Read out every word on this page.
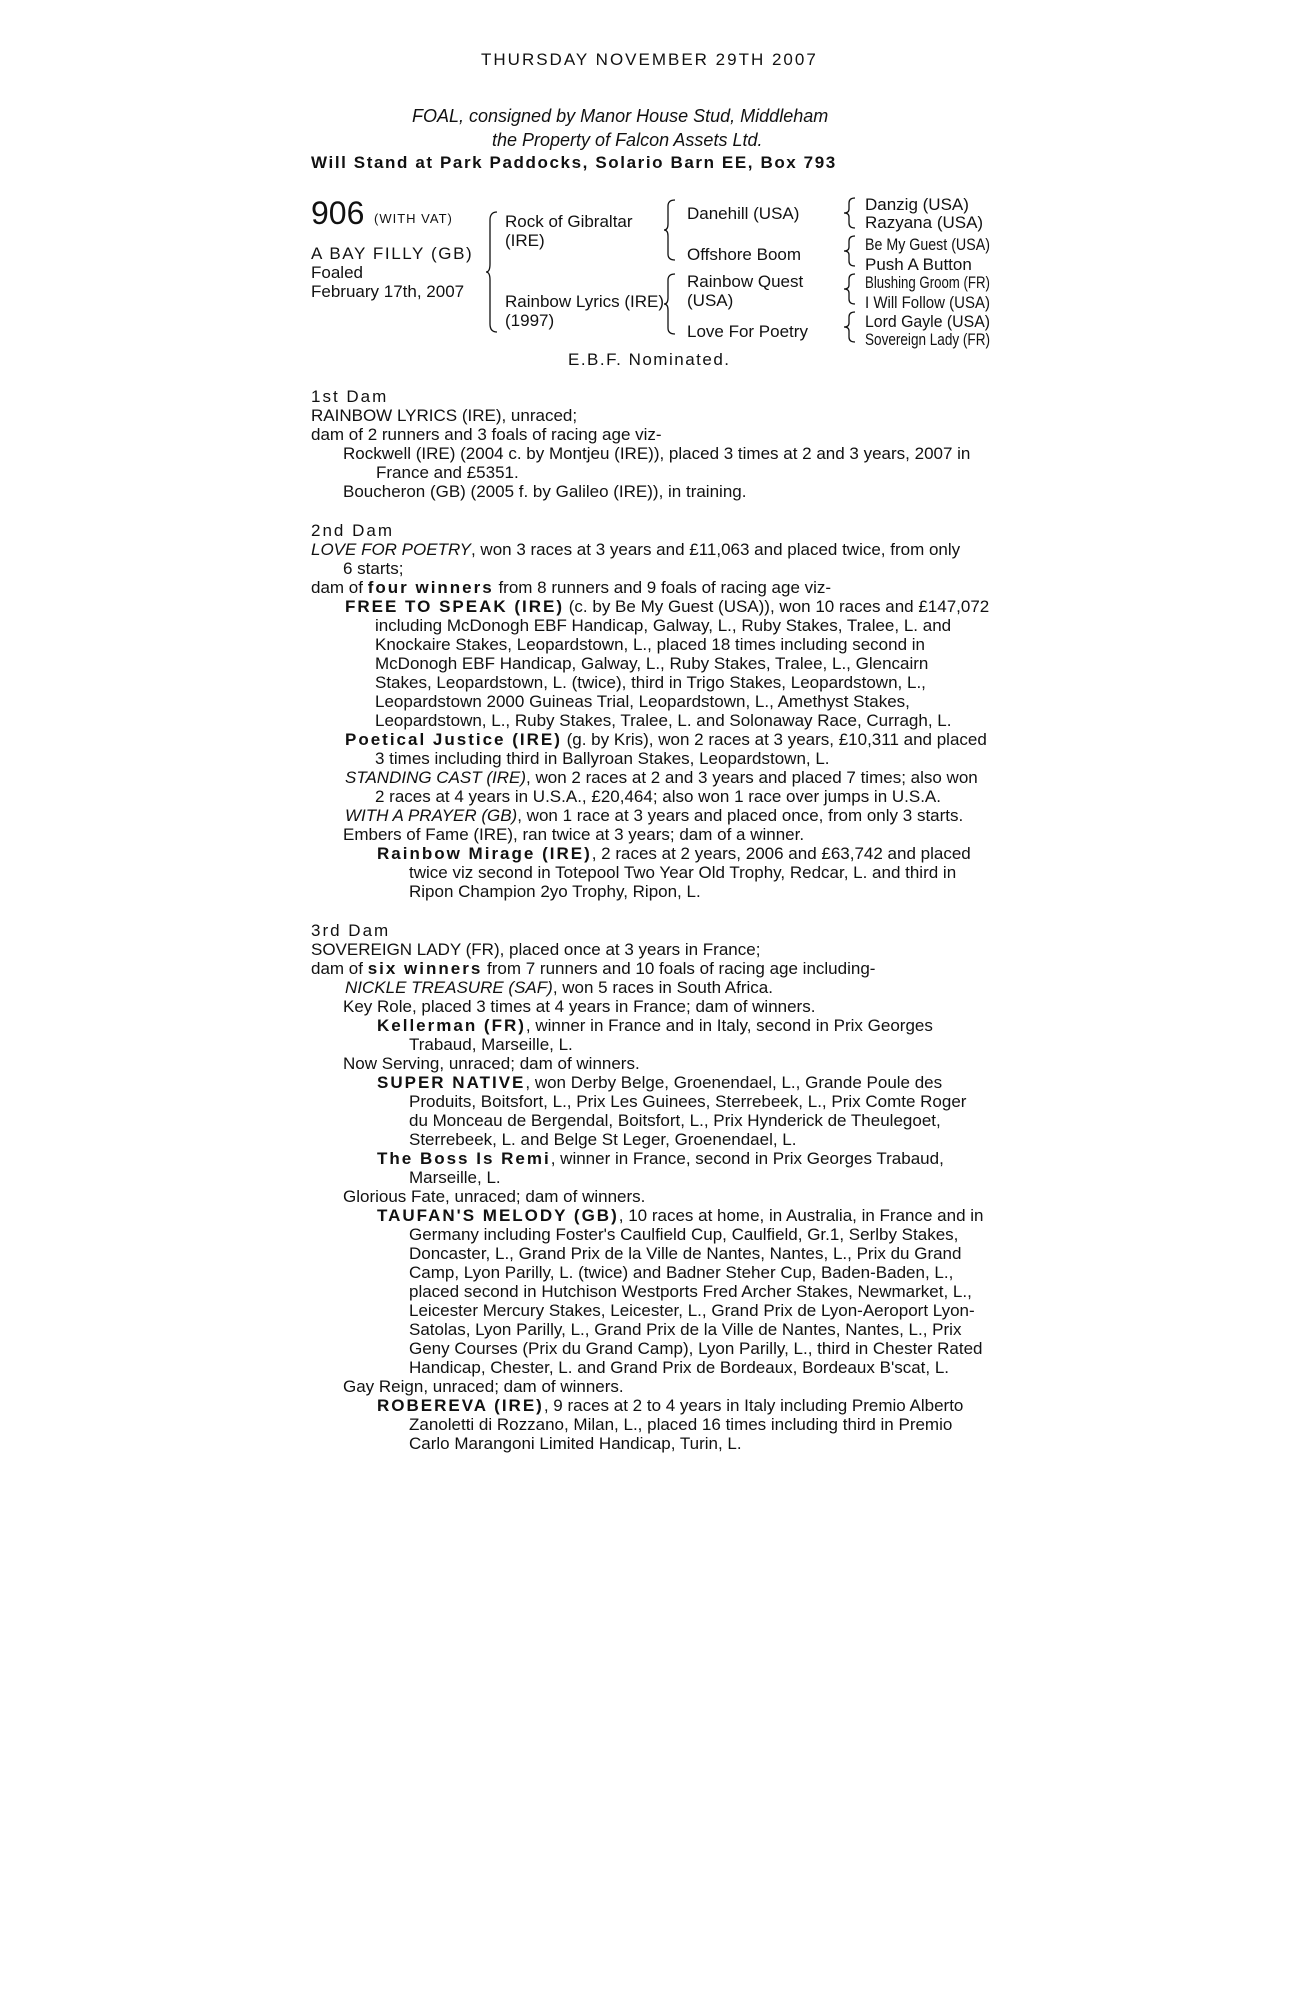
THURSDAY NOVEMBER 29TH 2007
FOAL, consigned by Manor House Stud, Middleham
the Property of Falcon Assets Ltd.
Will Stand at Park Paddocks, Solario Barn EE, Box 793
906 (WITH VAT)
A BAY FILLY (GB)
Foaled
February 17th, 2007
Rock of Gibraltar
(IRE)
Rainbow Lyrics (IRE)
(1997)
Danehill (USA)
Offshore Boom
Rainbow Quest
(USA)
Love For Poetry
Danzig (USA)
Razyana (USA)
Be My Guest (USA)
Push A Button
Blushing Groom (FR)
I Will Follow (USA)
Lord Gayle (USA)
Sovereign Lady (FR)
E.B.F. Nominated.
1st Dam
RAINBOW LYRICS (IRE), unraced;
dam of 2 runners and 3 foals of racing age viz-
Rockwell (IRE) (2004 c. by Montjeu (IRE)), placed 3 times at 2 and 3 years, 2007 in
France and £5351.
Boucheron (GB) (2005 f. by Galileo (IRE)), in training.
2nd Dam
LOVE FOR POETRY, won 3 races at 3 years and £11,063 and placed twice, from only
6 starts;
dam of four winners from 8 runners and 9 foals of racing age viz-
FREE TO SPEAK (IRE) (c. by Be My Guest (USA)), won 10 races and £147,072
including McDonogh EBF Handicap, Galway, L., Ruby Stakes, Tralee, L. and
Knockaire Stakes, Leopardstown, L., placed 18 times including second in
McDonogh EBF Handicap, Galway, L., Ruby Stakes, Tralee, L., Glencairn
Stakes, Leopardstown, L. (twice), third in Trigo Stakes, Leopardstown, L.,
Leopardstown 2000 Guineas Trial, Leopardstown, L., Amethyst Stakes,
Leopardstown, L., Ruby Stakes, Tralee, L. and Solonaway Race, Curragh, L.
Poetical Justice (IRE) (g. by Kris), won 2 races at 3 years, £10,311 and placed
3 times including third in Ballyroan Stakes, Leopardstown, L.
STANDING CAST (IRE), won 2 races at 2 and 3 years and placed 7 times; also won
2 races at 4 years in U.S.A., £20,464; also won 1 race over jumps in U.S.A.
WITH A PRAYER (GB), won 1 race at 3 years and placed once, from only 3 starts.
Embers of Fame (IRE), ran twice at 3 years; dam of a winner.
Rainbow Mirage (IRE), 2 races at 2 years, 2006 and £63,742 and placed
twice viz second in Totepool Two Year Old Trophy, Redcar, L. and third in
Ripon Champion 2yo Trophy, Ripon, L.
3rd Dam
SOVEREIGN LADY (FR), placed once at 3 years in France;
dam of six winners from 7 runners and 10 foals of racing age including-
NICKLE TREASURE (SAF), won 5 races in South Africa.
Key Role, placed 3 times at 4 years in France; dam of winners.
Kellerman (FR), winner in France and in Italy, second in Prix Georges
Trabaud, Marseille, L.
Now Serving, unraced; dam of winners.
SUPER NATIVE, won Derby Belge, Groenendael, L., Grande Poule des
Produits, Boitsfort, L., Prix Les Guinees, Sterrebeek, L., Prix Comte Roger
du Monceau de Bergendal, Boitsfort, L., Prix Hynderick de Theulegoet,
Sterrebeek, L. and Belge St Leger, Groenendael, L.
The Boss Is Remi, winner in France, second in Prix Georges Trabaud,
Marseille, L.
Glorious Fate, unraced; dam of winners.
TAUFAN'S MELODY (GB), 10 races at home, in Australia, in France and in
Germany including Foster's Caulfield Cup, Caulfield, Gr.1, Serlby Stakes,
Doncaster, L., Grand Prix de la Ville de Nantes, Nantes, L., Prix du Grand
Camp, Lyon Parilly, L. (twice) and Badner Steher Cup, Baden-Baden, L.,
placed second in Hutchison Westports Fred Archer Stakes, Newmarket, L.,
Leicester Mercury Stakes, Leicester, L., Grand Prix de Lyon-Aeroport Lyon-
Satolas, Lyon Parilly, L., Grand Prix de la Ville de Nantes, Nantes, L., Prix
Geny Courses (Prix du Grand Camp), Lyon Parilly, L., third in Chester Rated
Handicap, Chester, L. and Grand Prix de Bordeaux, Bordeaux B'scat, L.
Gay Reign, unraced; dam of winners.
ROBEREVA (IRE), 9 races at 2 to 4 years in Italy including Premio Alberto
Zanoletti di Rozzano, Milan, L., placed 16 times including third in Premio
Carlo Marangoni Limited Handicap, Turin, L.
